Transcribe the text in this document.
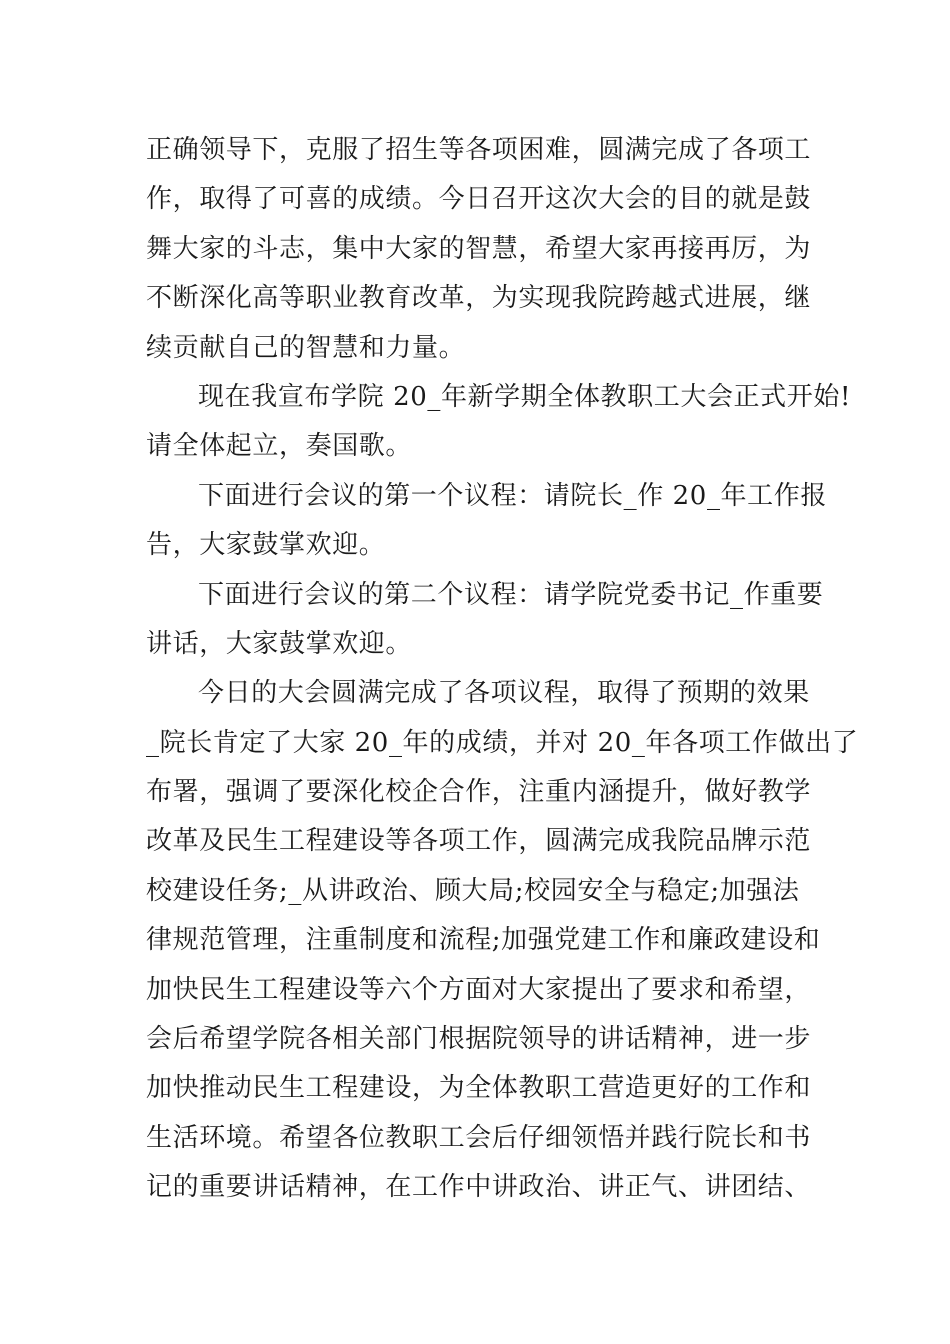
正确领导下，克服了招生等各项困难，圆满完成了各项工
作，取得了可喜的成绩。今日召开这次大会的目的就是鼓
舞大家的斗志，集中大家的智慧，希望大家再接再厉，为
不断深化高等职业教育改革，为实现我院跨越式进展，继
续贡献自己的智慧和力量。
现在我宣布学院 20_年新学期全体教职工大会正式开始!
请全体起立，奏国歌。
下面进行会议的第一个议程：请院长_作 20_年工作报
告，大家鼓掌欢迎。
下面进行会议的第二个议程：请学院党委书记_作重要
讲话，大家鼓掌欢迎。
今日的大会圆满完成了各项议程，取得了预期的效果
_院长肯定了大家 20_年的成绩，并对 20_年各项工作做出了
布署，强调了要深化校企合作，注重内涵提升，做好教学
改革及民生工程建设等各项工作，圆满完成我院品牌示范
校建设任务;_从讲政治、顾大局;校园安全与稳定;加强法
律规范管理，注重制度和流程;加强党建工作和廉政建设和
加快民生工程建设等六个方面对大家提出了要求和希望，
会后希望学院各相关部门根据院领导的讲话精神，进一步
加快推动民生工程建设，为全体教职工营造更好的工作和
生活环境。希望各位教职工会后仔细领悟并践行院长和书
记的重要讲话精神，在工作中讲政治、讲正气、讲团结、
